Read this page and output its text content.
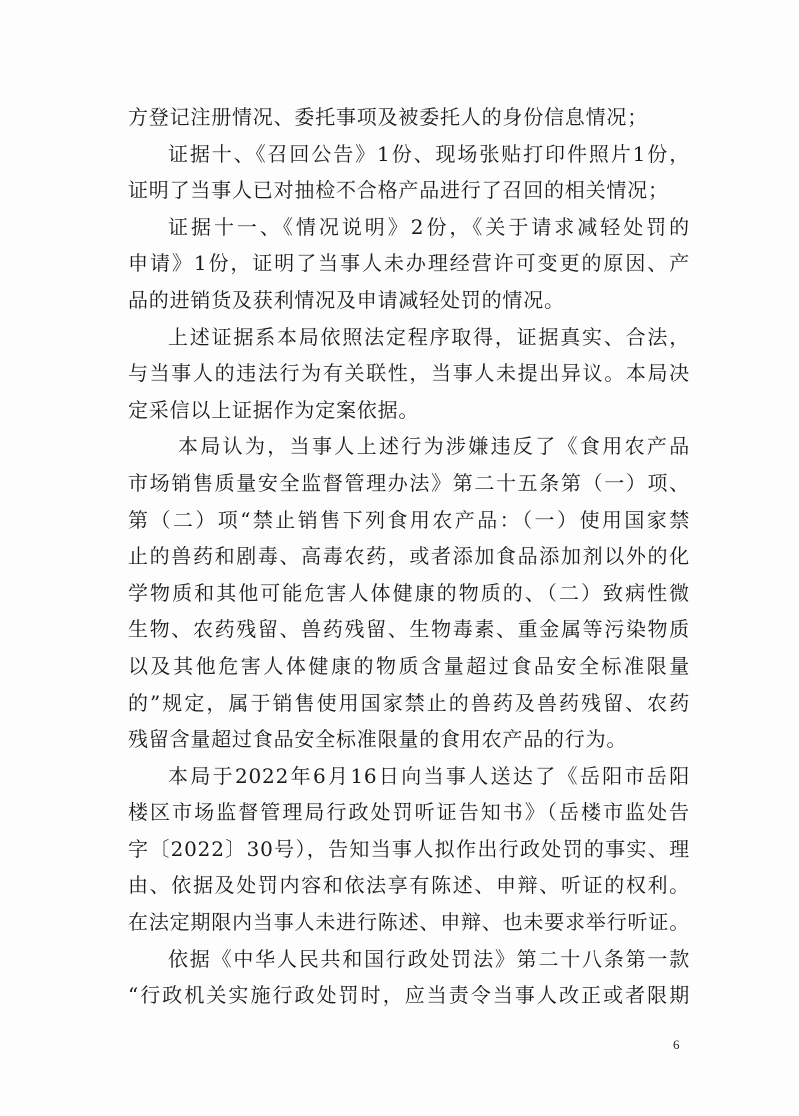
方登记注册情况、委托事项及被委托人的身份信息情况；
证据十、《召回公告》1份、现场张贴打印件照片1份，
证明了当事人已对抽检不合格产品进行了召回的相关情况；
证据十一、《情况说明》2份，《关于请求减轻处罚的
申请》1份，证明了当事人未办理经营许可变更的原因、产
品的进销货及获利情况及申请减轻处罚的情况。
上述证据系本局依照法定程序取得，证据真实、合法，
与当事人的违法行为有关联性，当事人未提出异议。本局决
定采信以上证据作为定案依据。
本局认为，当事人上述行为涉嫌违反了《食用农产品
市场销售质量安全监督管理办法》第二十五条第（一）项、
第（二）项“禁止销售下列食用农产品：（一）使用国家禁
止的兽药和剧毒、高毒农药，或者添加食品添加剂以外的化
学物质和其他可能危害人体健康的物质的、（二）致病性微
生物、农药残留、兽药残留、生物毒素、重金属等污染物质
以及其他危害人体健康的物质含量超过食品安全标准限量
的”规定，属于销售使用国家禁止的兽药及兽药残留、农药
残留含量超过食品安全标准限量的食用农产品的行为。
本局于2022年6月16日向当事人送达了《岳阳市岳阳
楼区市场监督管理局行政处罚听证告知书》（岳楼市监处告
字〔2022〕30号），告知当事人拟作出行政处罚的事实、理
由、依据及处罚内容和依法享有陈述、申辩、听证的权利。
在法定期限内当事人未进行陈述、申辩、也未要求举行听证。
依据《中华人民共和国行政处罚法》第二十八条第一款
“行政机关实施行政处罚时，应当责令当事人改正或者限期
6
